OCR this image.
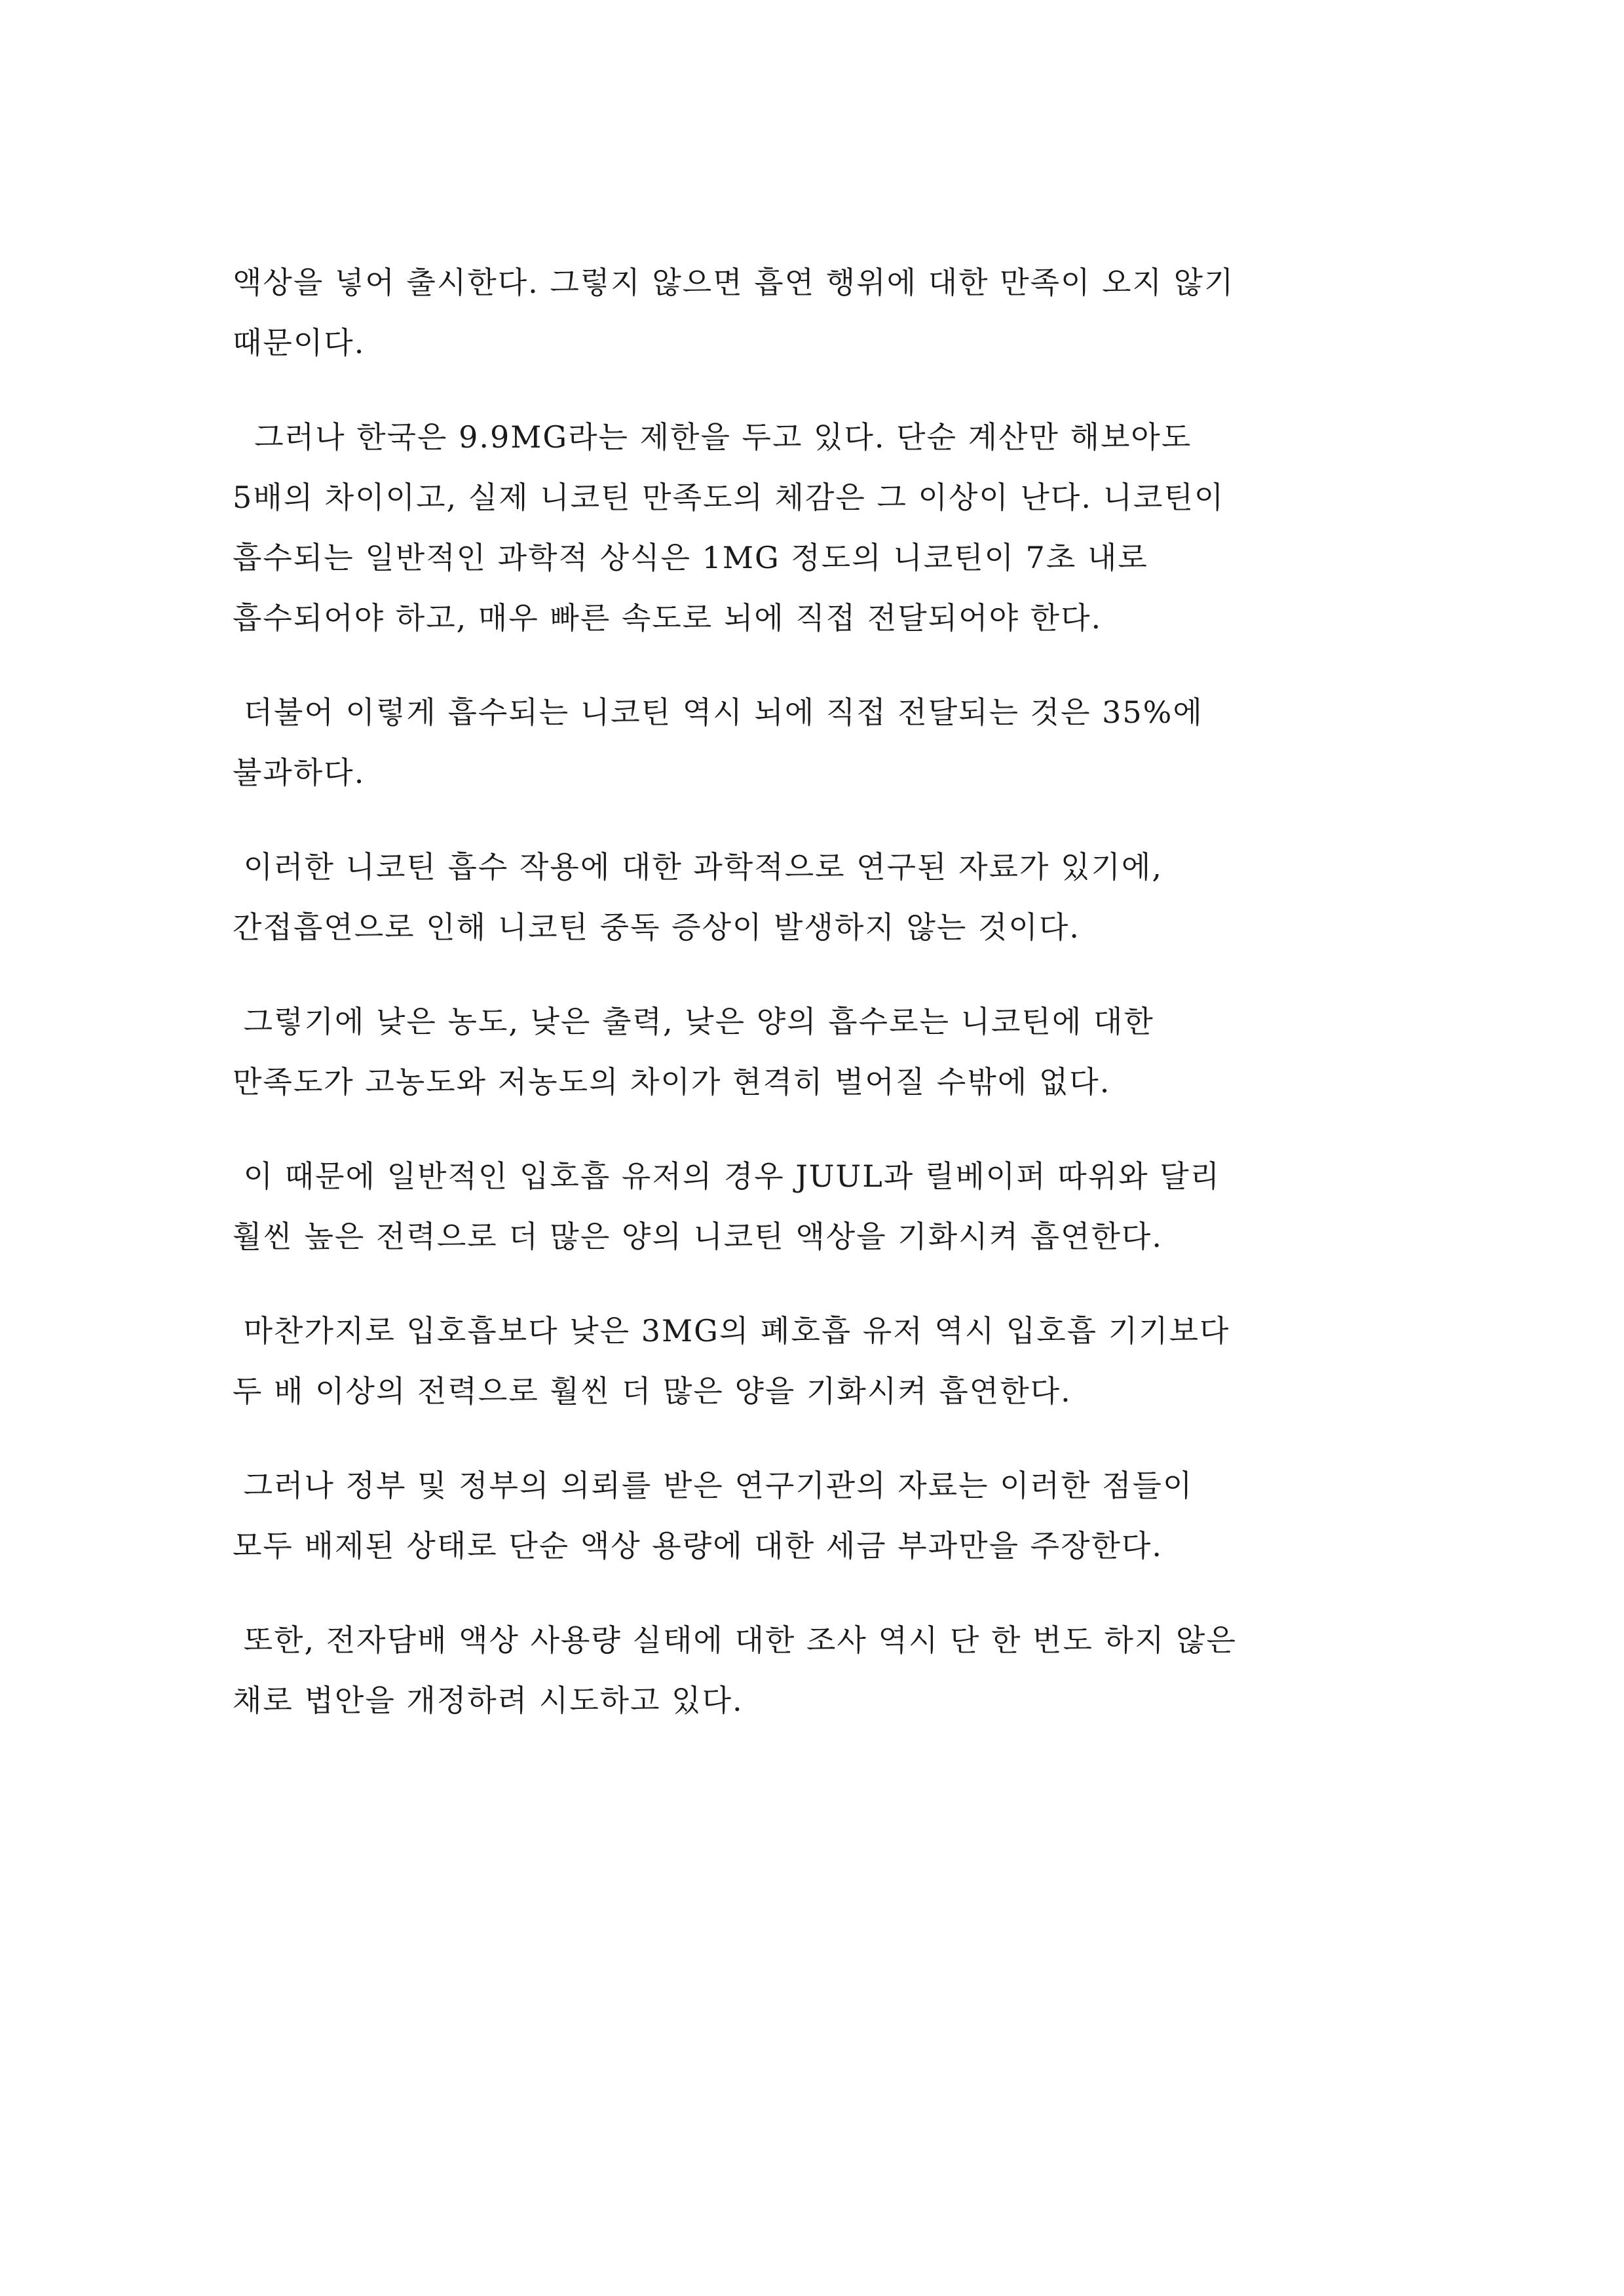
액상을 넣어 출시한다. 그렇지 않으면 흡연 행위에 대한 만족이 오지 않기
때문이다.

그러나 한국은 9.9MG라는 제한을 두고 있다. 단순 계산만 해보아도
5배의 차이이고, 실제 니코틴 만족도의 체감은 그 이상이 난다. 니코틴이
흡수되는 일반적인 과학적 상식은 1MG 정도의 니코틴이 7초 내로
흡수되어야 하고, 매우 빠른 속도로 뇌에 직접 전달되어야 한다.

더불어 이렇게 흡수되는 니코틴 역시 뇌에 직접 전달되는 것은 35%에
불과하다.

이러한 니코틴 흡수 작용에 대한 과학적으로 연구된 자료가 있기에,
간접흡연으로 인해 니코틴 중독 증상이 발생하지 않는 것이다.

그렇기에 낮은 농도, 낮은 출력, 낮은 양의 흡수로는 니코틴에 대한
만족도가 고농도와 저농도의 차이가 현격히 벌어질 수밖에 없다.

이 때문에 일반적인 입호흡 유저의 경우 JUUL과 릴베이퍼 따위와 달리
훨씬 높은 전력으로 더 많은 양의 니코틴 액상을 기화시켜 흡연한다.

마찬가지로 입호흡보다 낮은 3MG의 폐호흡 유저 역시 입호흡 기기보다
두 배 이상의 전력으로 훨씬 더 많은 양을 기화시켜 흡연한다.

그러나 정부 및 정부의 의뢰를 받은 연구기관의 자료는 이러한 점들이
모두 배제된 상태로 단순 액상 용량에 대한 세금 부과만을 주장한다.

또한, 전자담배 액상 사용량 실태에 대한 조사 역시 단 한 번도 하지 않은
채로 법안을 개정하려 시도하고 있다.
